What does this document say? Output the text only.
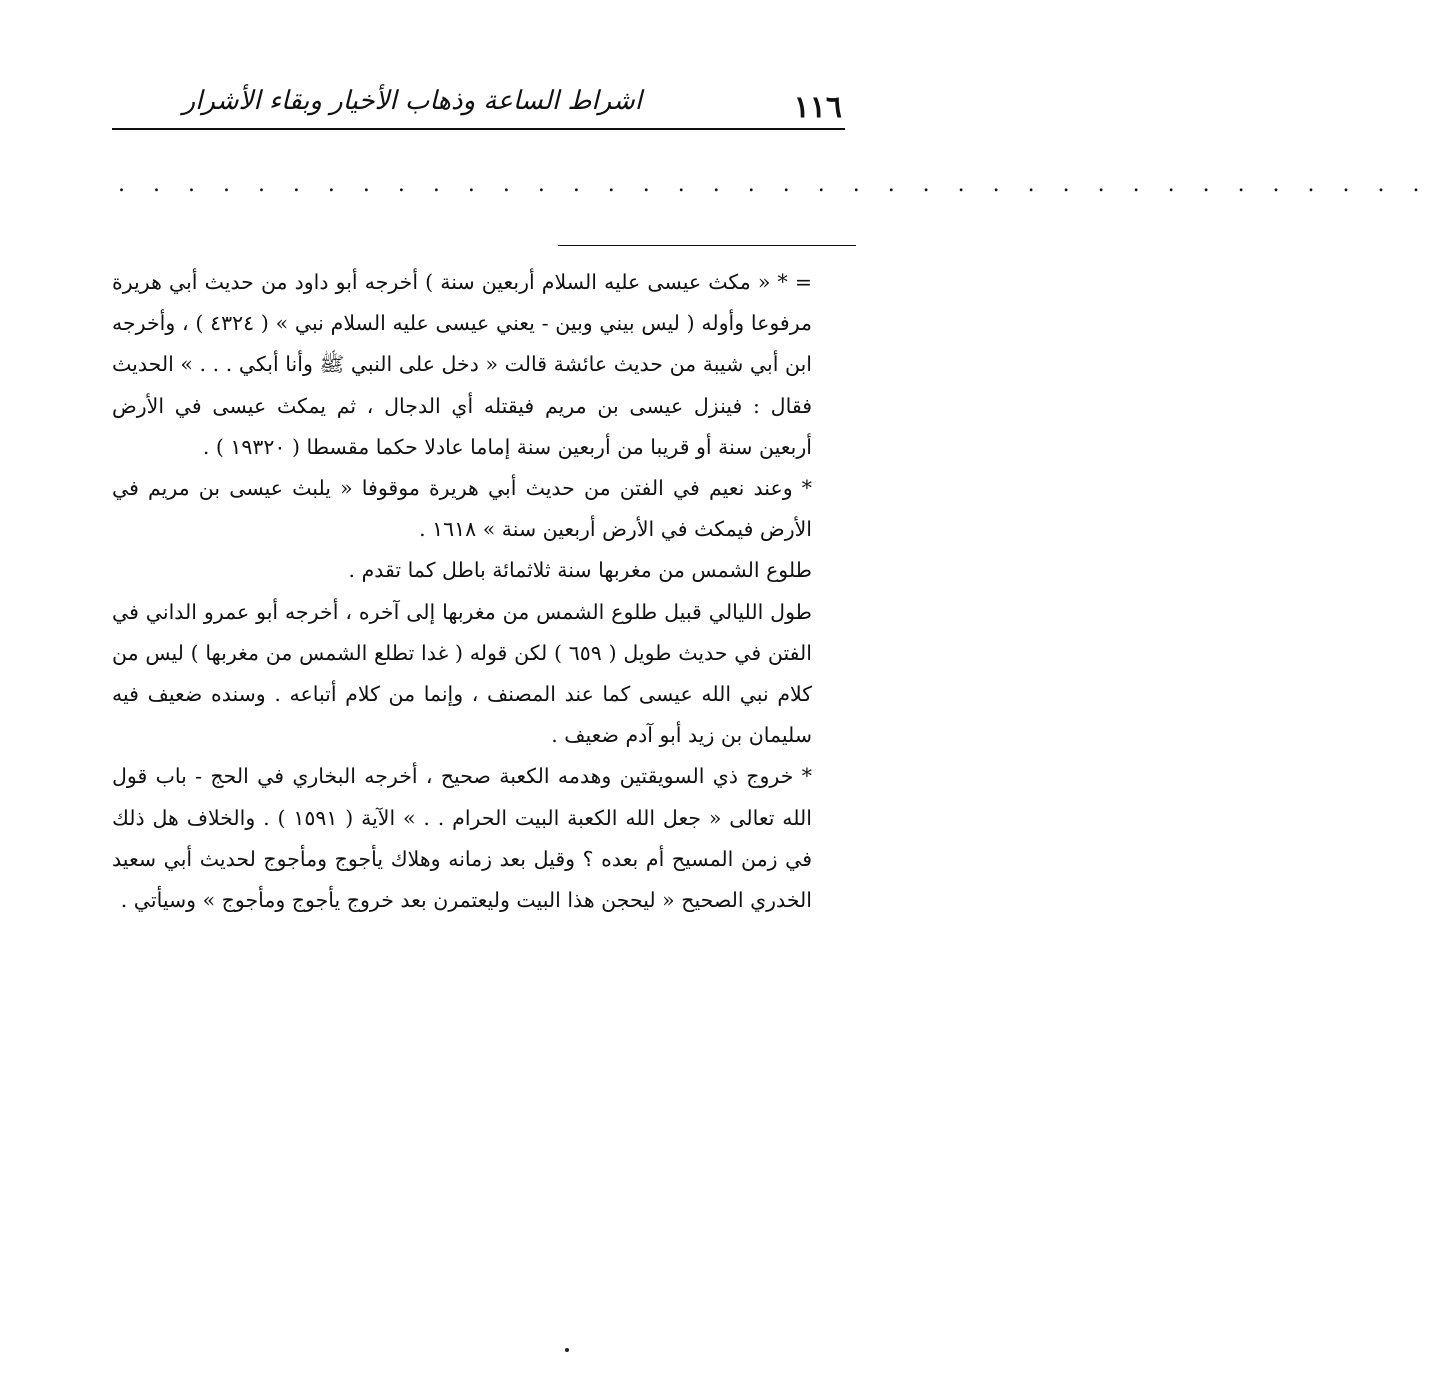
١١٦
اشراط الساعة وذهاب الأخيار وبقاء الأشرار
. . . . . . . . . . . . . . . . . . . . . . . . . . . . . . . . . . . . . .

= * « مكث عيسى عليه السلام أربعين سنة ) أخرجه أبو داود من حديث أبي هريرة مرفوعا وأوله ( ليس بيني وبين - يعني عيسى عليه السلام نبي » ( ٤٣٢٤ ) ، وأخرجه ابن أبي شيبة من حديث عائشة قالت « دخل على النبي ﷺ وأنا أبكي . . . » الحديث فقال : فينزل عيسى بن مريم فيقتله أي الدجال ، ثم يمكث عيسى في الأرض أربعين سنة أو قريبا من أربعين سنة إماما عادلا حكما مقسطا ( ١٩٣٢٠ ) .

* وعند نعيم في الفتن من حديث أبي هريرة موقوفا « يلبث عيسى بن مريم في الأرض فيمكث في الأرض أربعين سنة » ١٦١٨ .

طلوع الشمس من مغربها سنة ثلاثمائة باطل كما تقدم .

طول الليالي قبيل طلوع الشمس من مغربها إلى آخره ، أخرجه أبو عمرو الداني في الفتن في حديث طويل ( ٦٥٩ ) لكن قوله ( غدا تطلع الشمس من مغربها ) ليس من كلام نبي الله عيسى كما عند المصنف ، وإنما من كلام أتباعه . وسنده ضعيف فيه سليمان بن زيد أبو آدم ضعيف .

* خروج ذي السويقتين وهدمه الكعبة صحيح ، أخرجه البخاري في الحج - باب قول الله تعالى « جعل الله الكعبة البيت الحرام . . » الآية ( ١٥٩١ ) . والخلاف هل ذلك في زمن المسيح أم بعده ؟ وقيل بعد زمانه وهلاك يأجوج ومأجوج لحديث أبي سعيد الخدري الصحيح « ليحجن هذا البيت وليعتمرن بعد خروج يأجوج ومأجوج » وسيأتي .
